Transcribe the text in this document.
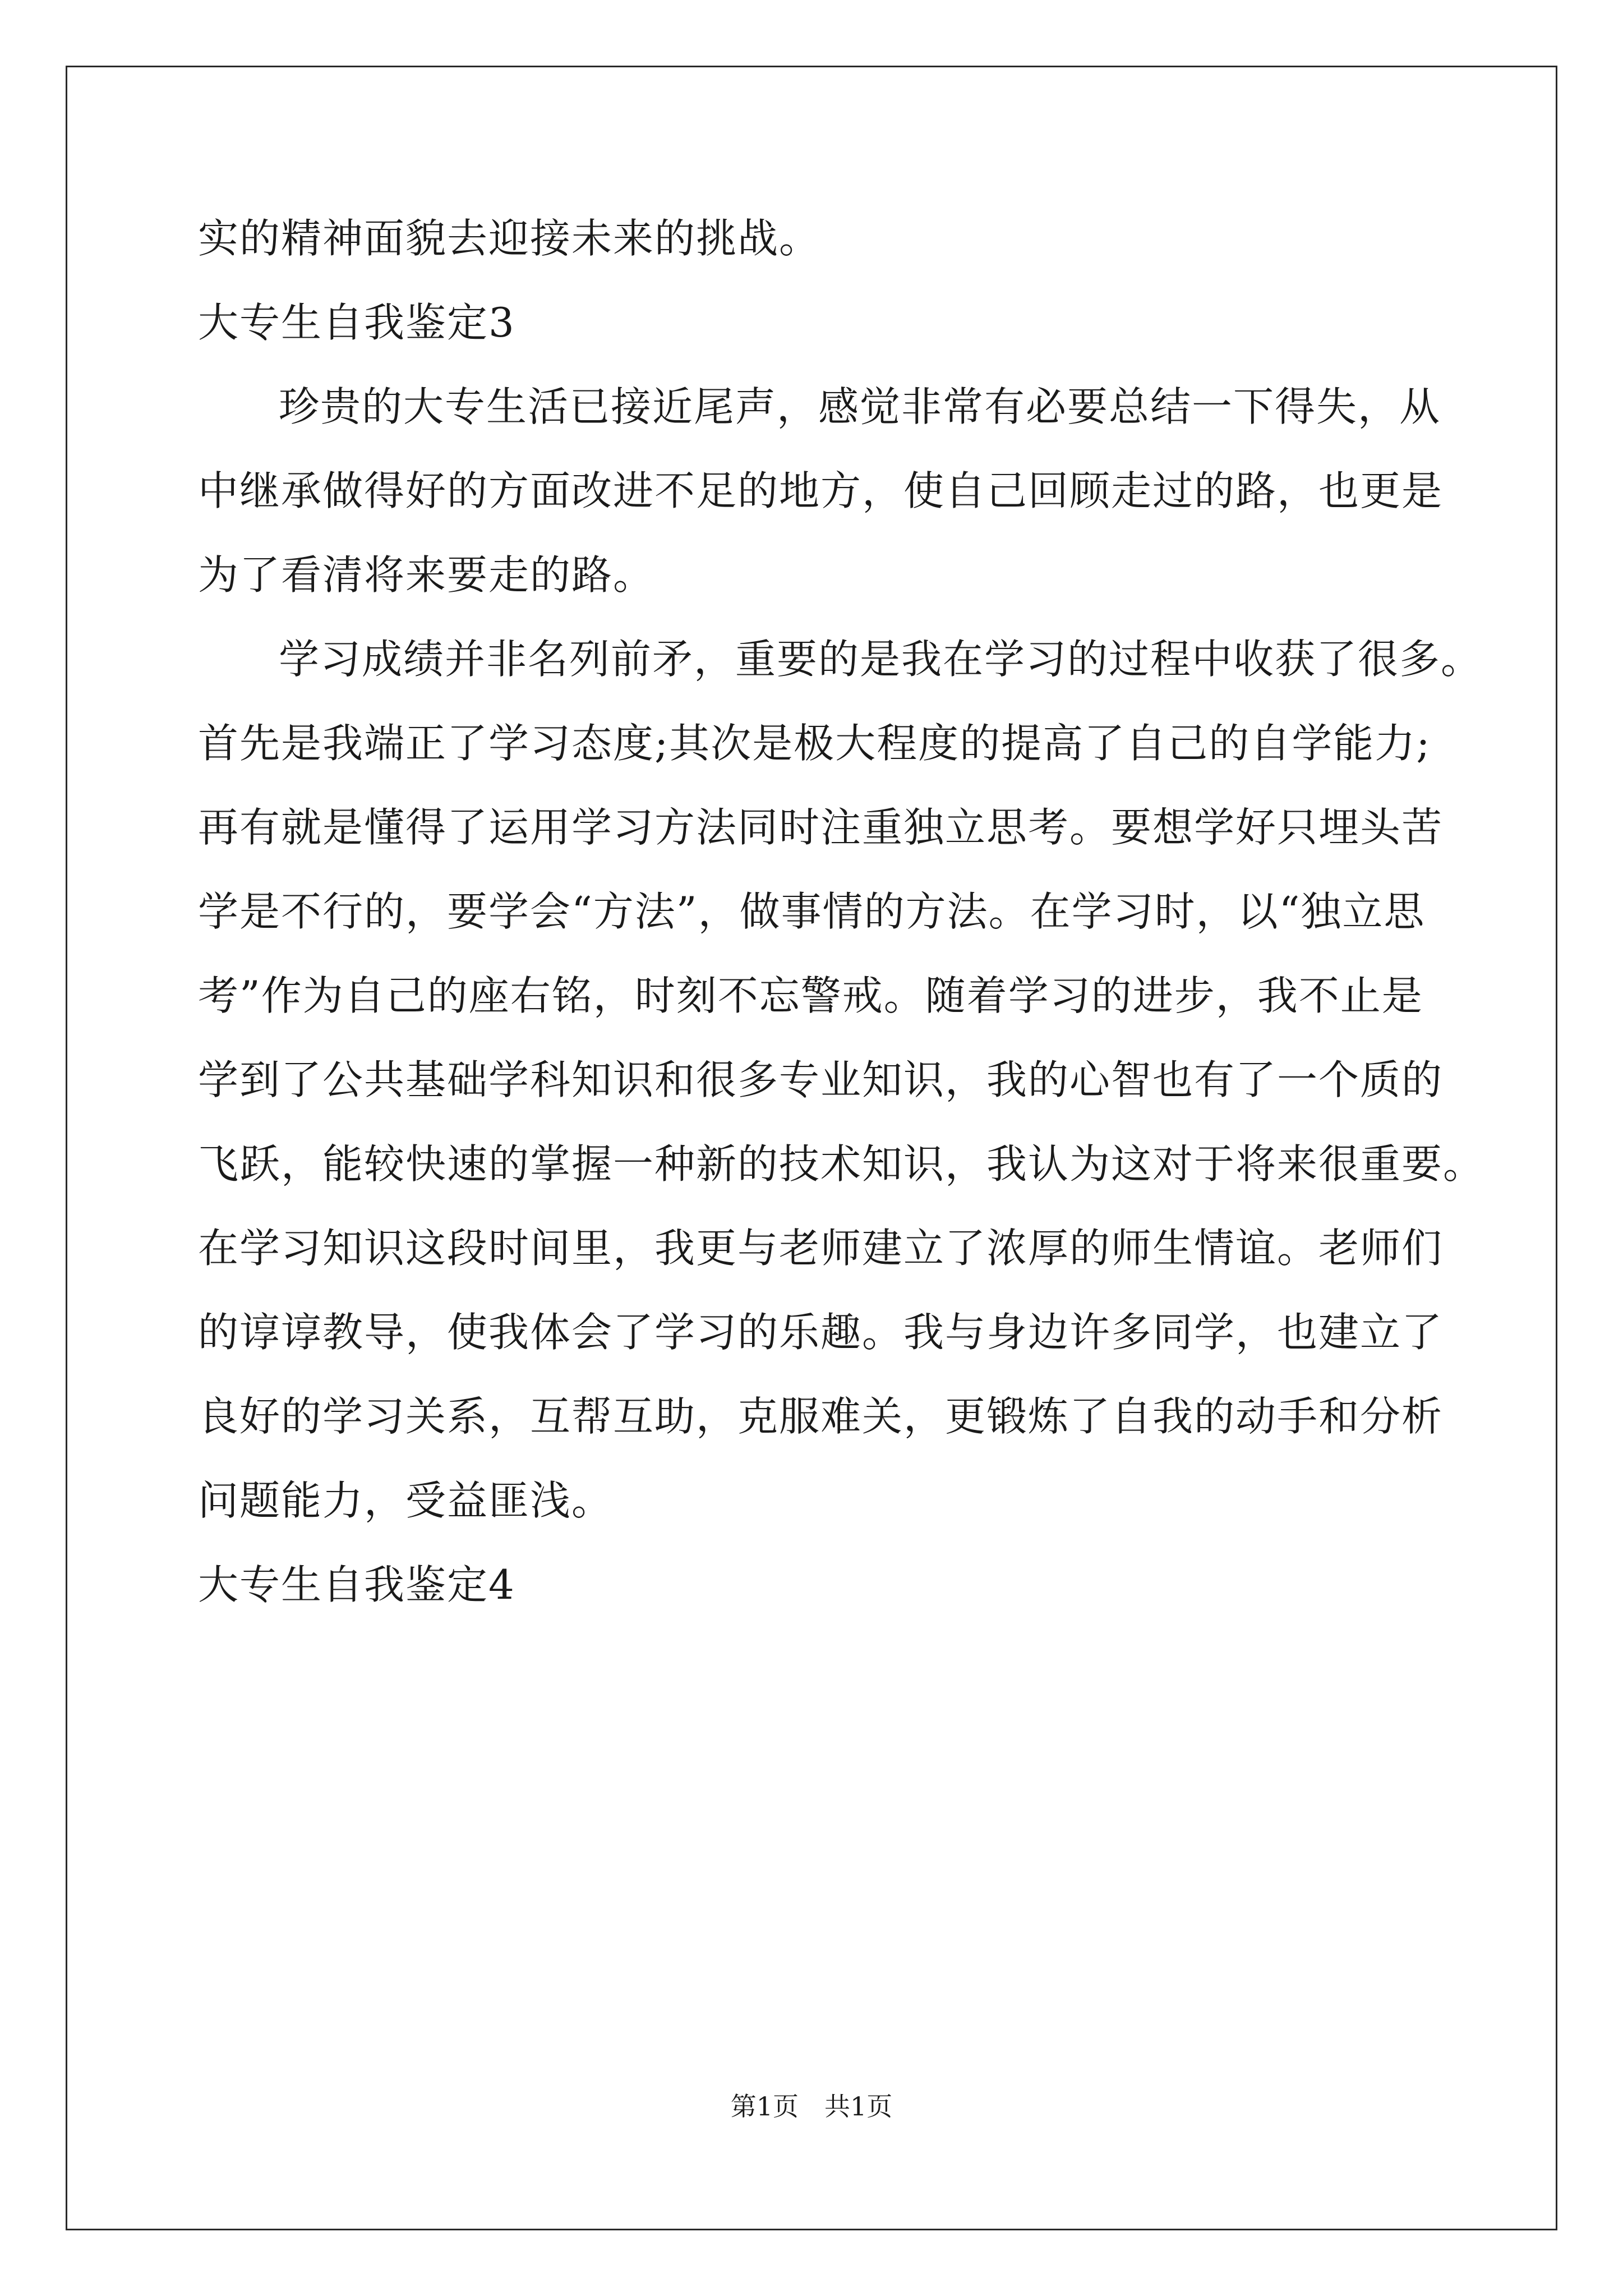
实的精神面貌去迎接未来的挑战。
大专生自我鉴定3
珍贵的大专生活已接近尾声，感觉非常有必要总结一下得失，从
中继承做得好的方面改进不足的地方，使自己回顾走过的路，也更是
为了看清将来要走的路。
学习成绩并非名列前矛，重要的是我在学习的过程中收获了很多。
首先是我端正了学习态度;其次是极大程度的提高了自己的自学能力;
再有就是懂得了运用学习方法同时注重独立思考。要想学好只埋头苦
学是不行的，要学会“方法”，做事情的方法。在学习时，以“独立思
考”作为自己的座右铭，时刻不忘警戒。随着学习的进步，我不止是
学到了公共基础学科知识和很多专业知识，我的心智也有了一个质的
飞跃，能较快速的掌握一种新的技术知识，我认为这对于将来很重要。
在学习知识这段时间里，我更与老师建立了浓厚的师生情谊。老师们
的谆谆教导，使我体会了学习的乐趣。我与身边许多同学，也建立了
良好的学习关系，互帮互助，克服难关，更锻炼了自我的动手和分析
问题能力，受益匪浅。
大专生自我鉴定4
第1页　共1页
